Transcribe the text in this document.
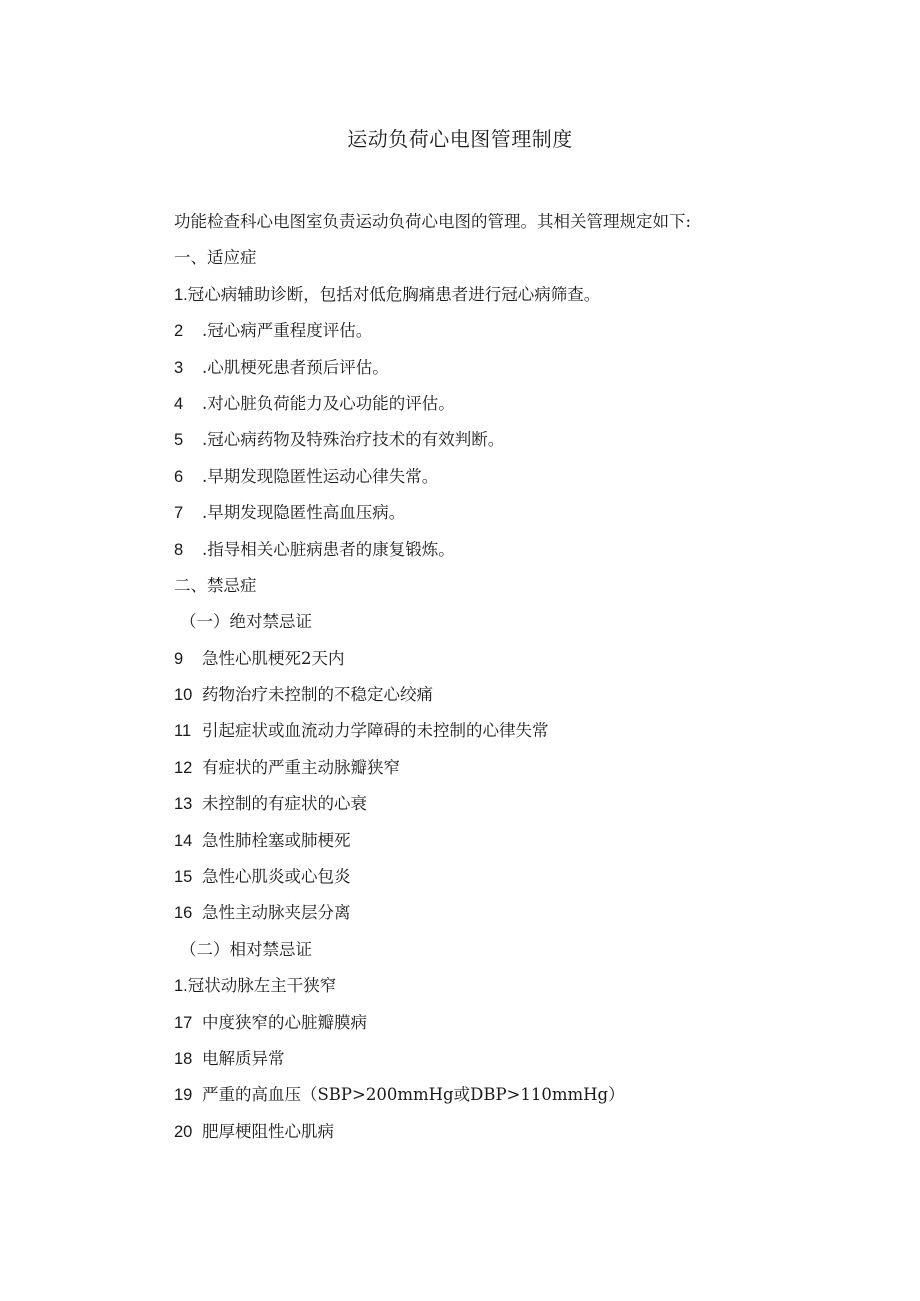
运动负荷心电图管理制度
功能检查科心电图室负责运动负荷心电图的管理。其相关管理规定如下:
一、适应症
1.冠心病辅助诊断，包括对低危胸痛患者进行冠心病筛查。
2 .冠心病严重程度评估。
3 .心肌梗死患者预后评估。
4 .对心脏负荷能力及心功能的评估。
5 .冠心病药物及特殊治疗技术的有效判断。
6 .早期发现隐匿性运动心律失常。
7 .早期发现隐匿性高血压病。
8 .指导相关心脏病患者的康复锻炼。
二、禁忌症
（一）绝对禁忌证
9 急性心肌梗死2天内
10 药物治疗未控制的不稳定心绞痛
11 引起症状或血流动力学障碍的未控制的心律失常
12 有症状的严重主动脉瓣狭窄
13 未控制的有症状的心衰
14 急性肺栓塞或肺梗死
15 急性心肌炎或心包炎
16 急性主动脉夹层分离
（二）相对禁忌证
1.冠状动脉左主干狭窄
17 中度狭窄的心脏瓣膜病
18 电解质异常
19 严重的高血压（SBP>200mmHg或DBP>110mmHg）
20 肥厚梗阻性心肌病
